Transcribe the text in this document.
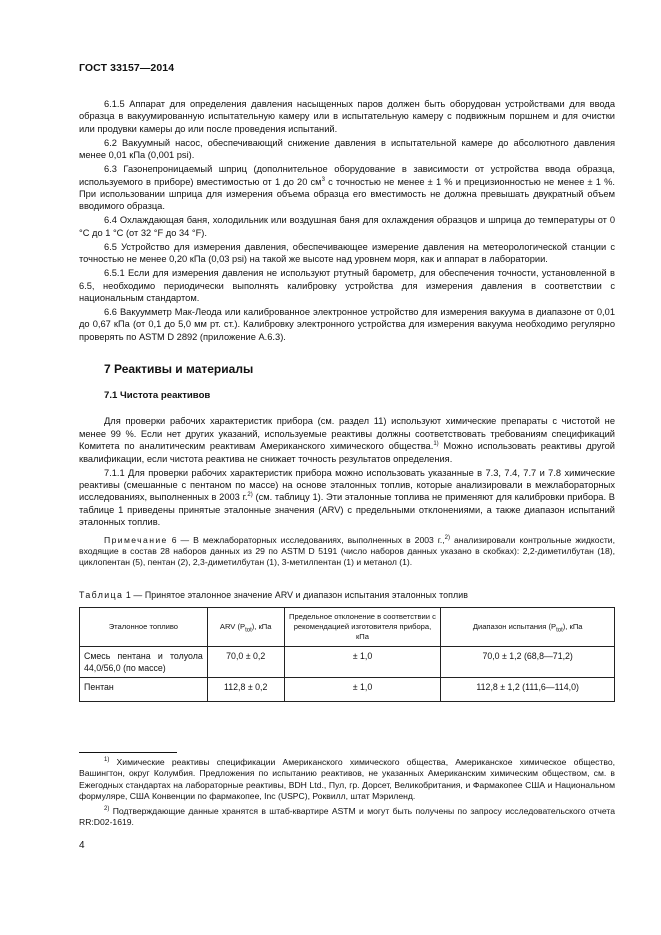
ГОСТ 33157—2014

6.1.5 Аппарат для определения давления насыщенных паров должен быть оборудован устройствами для ввода образца в вакуумированную испытательную камеру или в испытательную камеру с подвижным поршнем и для очистки или продувки камеры до или после проведения испытаний.

6.2 Вакуумный насос, обеспечивающий снижение давления в испытательной камере до абсолютного давления менее 0,01 кПа (0,001 psi).

6.3 Газонепроницаемый шприц (дополнительное оборудование в зависимости от устройства ввода образца, используемого в приборе) вместимостью от 1 до 20 $см^3$ с точностью не менее ± 1 % и прецизионностью не менее ± 1 %. При использовании шприца для измерения объема образца его вместимость не должна превышать двукратный объем вводимого образца.

6.4 Охлаждающая баня, холодильник или воздушная баня для охлаждения образцов и шприца до температуры от 0 °C до 1 °C (от 32 °F до 34 °F).

6.5 Устройство для измерения давления, обеспечивающее измерение давления на метеорологической станции с точностью не менее 0,20 кПа (0,03 psi) на такой же высоте над уровнем моря, как и аппарат в лаборатории.

6.5.1 Если для измерения давления не используют ртутный барометр, для обеспечения точности, установленной в 6.5, необходимо периодически выполнять калибровку устройства для измерения давления в соответствии с национальным стандартом.

6.6 Вакуумметр Мак-Леода или калиброванное электронное устройство для измерения вакуума в диапазоне от 0,01 до 0,67 кПа (от 0,1 до 5,0 мм рт. ст.). Калибровку электронного устройства для измерения вакуума необходимо регулярно проверять по ASTM D 2892 (приложение А.6.3).

7 Реактивы и материалы
7.1 Чистота реактивов

Для проверки рабочих характеристик прибора (см. раздел 11) используют химические препараты с чистотой не менее 99 %. Если нет других указаний, используемые реактивы должны соответствовать требованиям спецификаций Комитета по аналитическим реактивам Американского химического общества.$^{1)}$ Можно использовать реактивы другой квалификации, если чистота реактива не снижает точность результатов определения.

7.1.1 Для проверки рабочих характеристик прибора можно использовать указанные в 7.3, 7.4, 7.7 и 7.8 химические реактивы (смешанные с пентаном по массе) на основе эталонных топлив, которые анализировали в межлабораторных исследованиях, выполненных в 2003 г.$^{2)}$ (см. таблицу 1). Эти эталонные топлива не применяют для калибровки прибора. В таблице 1 приведены принятые эталонные значения (ARV) с предельными отклонениями, а также диапазон испытаний эталонных топлив.

Примечание 6 — В межлабораторных исследованиях, выполненных в 2003 г.,$^{2)}$ анализировали контрольные жидкости, входящие в состав 28 наборов данных из 29 по ASTM D 5191 (число наборов данных указано в скобках): 2,2-диметилбутан (18), циклопентан (5), пентан (2), 2,3-диметилбутан (1), 3-метилпентан (1) и метанол (1).
Таблица 1 — Принятое эталонное значение ARV и диапазон испытания эталонных топлив
Эталонное топливо	ARV $(P_{tot})$, кПа	Предельное отклонение в соответствии с рекомендацией изготовителя прибора, кПа	Диапазон испытания $(P_{tot})$, кПа
Смесь пентана и толуола 44,0/56,0 (по массе)	70,0 ± 0,2	± 1,0	70,0 ± 1,2 (68,8—71,2)
Пентан	112,8 ± 0,2	± 1,0	112,8 ± 1,2 (111,6—114,0)

$^{1)}$ Химические реактивы спецификации Американского химического общества, Американское химическое общество, Вашингтон, округ Колумбия. Предложения по испытанию реактивов, не указанных Американским химическим обществом, см. в Ежегодных стандартах на лабораторные реактивы, BDH Ltd., Пул, гр. Дорсет, Великобритания, и Фармакопее США и Национальном формуляре, США Конвенции по фармакопее, Inc (USPC), Роквилл, штат Мэриленд.

$^{2)}$ Подтверждающие данные хранятся в штаб-квартире ASTM и могут быть получены по запросу исследовательского отчета RR:D02-1619.

4
